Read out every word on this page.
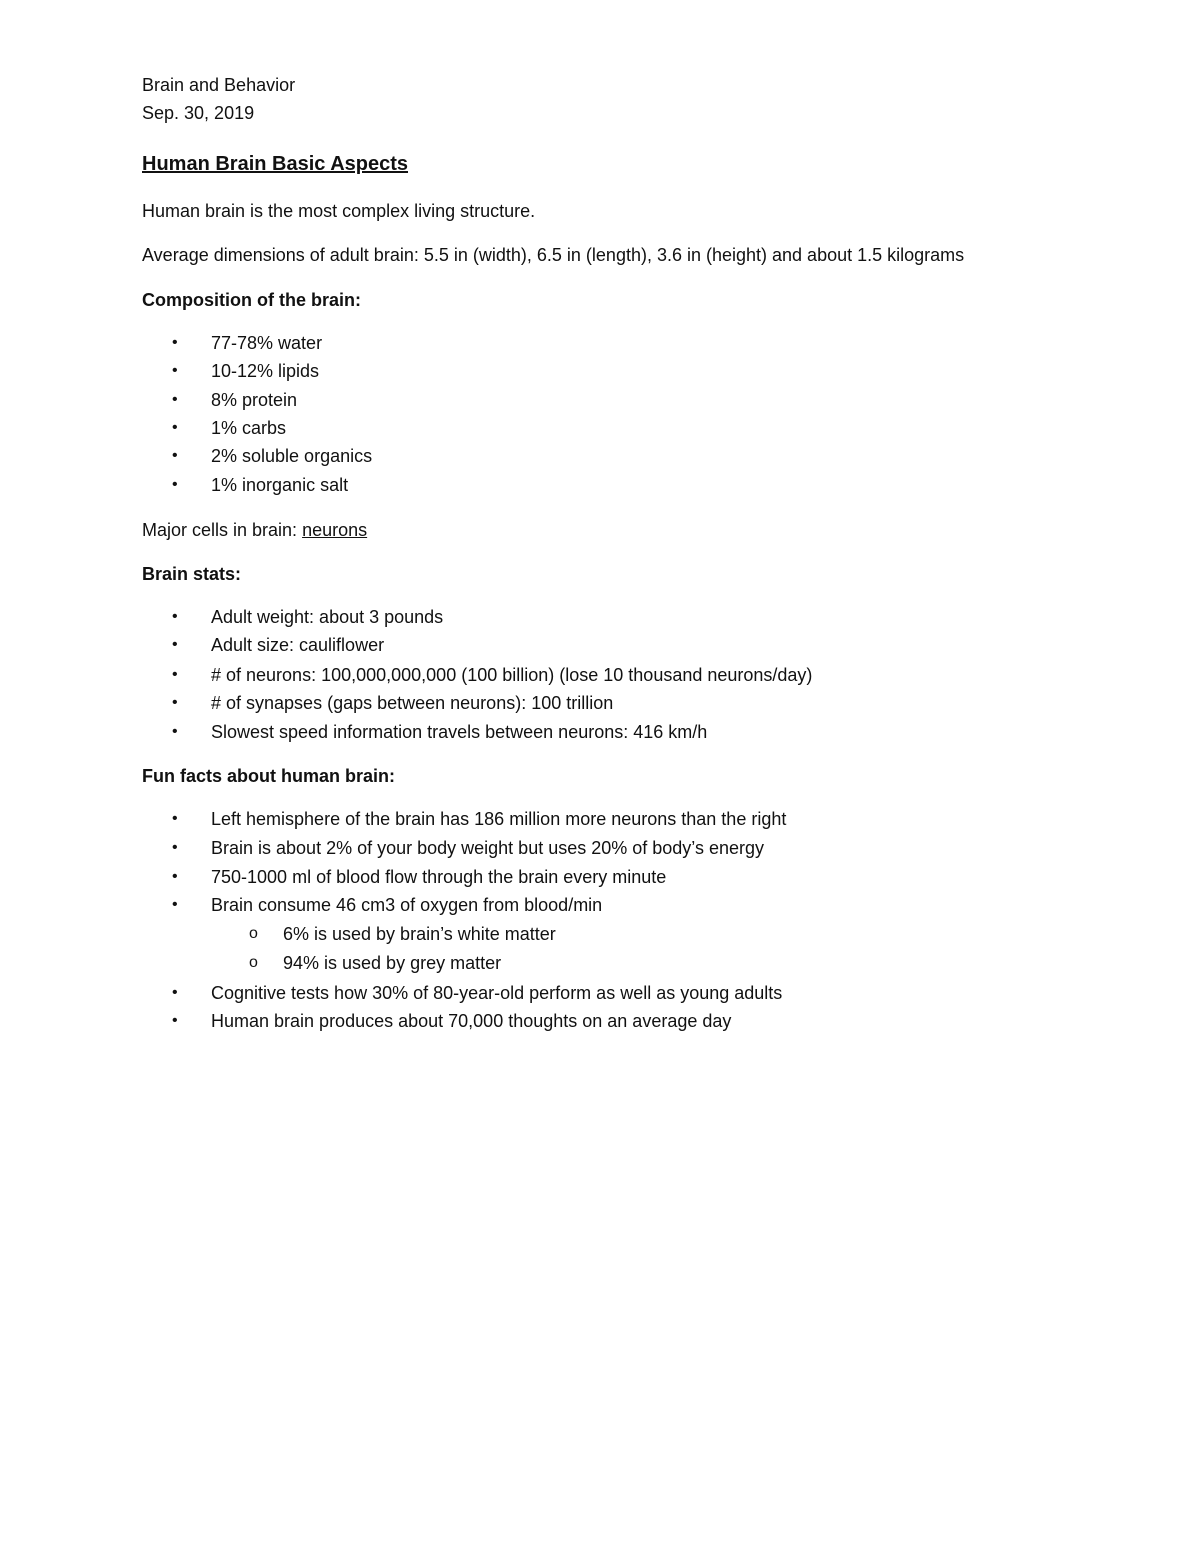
Brain and Behavior
Sep. 30, 2019
Human Brain Basic Aspects
Human brain is the most complex living structure.
Average dimensions of adult brain: 5.5 in (width), 6.5 in (length), 3.6 in (height) and about 1.5 kilograms
Composition of the brain:
•	77-78% water
•	10-12% lipids
•	8% protein
•	1% carbs
•	2% soluble organics
•	1% inorganic salt
Major cells in brain: neurons
Brain stats:
•	Adult weight: about 3 pounds
•	Adult size: cauliflower
•	# of neurons: 100,000,000,000 (100 billion) (lose 10 thousand neurons/day)
•	# of synapses (gaps between neurons): 100 trillion
•	Slowest speed information travels between neurons: 416 km/h
Fun facts about human brain:
•	Left hemisphere of the brain has 186 million more neurons than the right
•	Brain is about 2% of your body weight but uses 20% of body’s energy
•	750-1000 ml of blood flow through the brain every minute
•	Brain consume 46 cm3 of oxygen from blood/min
o 6% is used by brain’s white matter
o 94% is used by grey matter
•	Cognitive tests how 30% of 80-year-old perform as well as young adults
•	Human brain produces about 70,000 thoughts on an average day
